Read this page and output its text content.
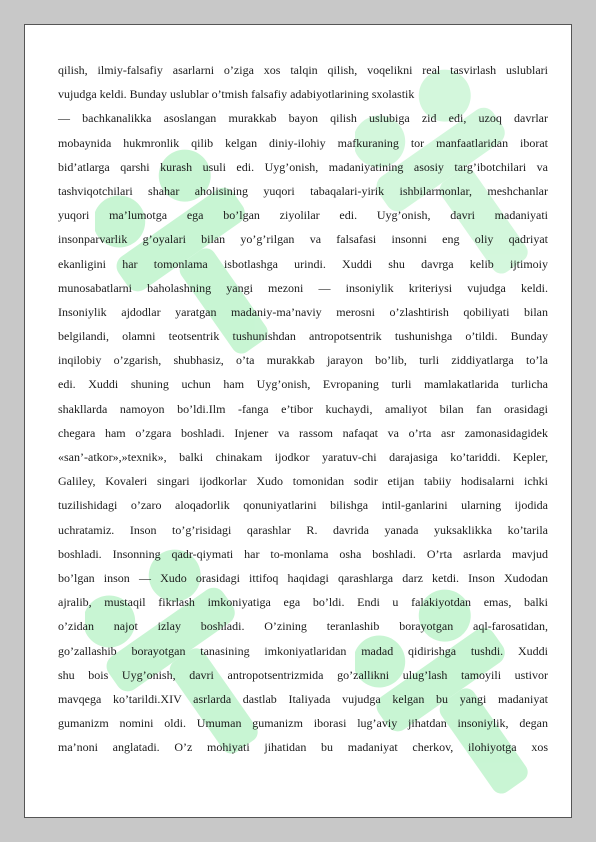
qilish, ilmiy-falsafiy asarlarni o’ziga xos talqin qilish, voqelikni real tasvirlash uslublari
vujudga keldi. Bunday uslublar o’tmish falsafiy adabiyotlarining sxolastik
— bachkanalikka asoslangan murakkab bayon qilish uslubiga zid edi, uzoq davrlar
mobaynida hukmronlik qilib kelgan diniy-ilohiy mafkuraning tor manfaatlaridan iborat
bid’atlarga qarshi kurash usuli edi. Uyg’onish, madaniyatining asosiy targ’ibotchilari va
tashviqotchilari shahar aholisining yuqori tabaqalari-yirik ishbilarmonlar, meshchanlar
yuqori ma’lumotga ega bo’lgan ziyolilar edi. Uyg’onish, davri madaniyati
insonparvarlik g’oyalari bilan yo’g’rilgan va falsafasi insonni eng oliy qadriyat
ekanligini har tomonlama isbotlashga urindi. Xuddi shu davrga kelib ijtimoiy
munosabatlarni baholashning yangi mezoni — insoniylik kriteriysi vujudga keldi.
Insoniylik ajdodlar yaratgan madaniy-ma’naviy merosni o’zlashtirish qobiliyati bilan
belgilandi, olamni teotsentrik tushunishdan antropotsentrik tushunishga o’tildi. Bunday
inqilobiy o’zgarish, shubhasiz, o’ta murakkab jarayon bo’lib, turli ziddiyatlarga to’la
edi. Xuddi shuning uchun ham Uyg’onish, Evropaning turli mamlakatlarida turlicha
shakllarda namoyon bo’ldi.Ilm -fanga e’tibor kuchaydi, amaliyot bilan fan orasidagi
chegara ham o’zgara boshladi. Injener va rassom nafaqat va o’rta asr zamonasidagidek
«san’-atkor»,»texnik», balki chinakam ijodkor yaratuv-chi darajasiga ko’tariddi. Kepler,
Galiley, Kovaleri singari ijodkorlar Xudo tomonidan sodir etijan tabiiy hodisalarni ichki
tuzilishidagi o’zaro aloqadorlik qonuniyatlarini bilishga intil-ganlarini ularning ijodida
uchratamiz. Inson to’g’risidagi qarashlar R. davrida yanada yuksaklikka ko’tarila
boshladi. Insonning qadr-qiymati har to-monlama osha boshladi. O’rta asrlarda mavjud
bo’lgan inson — Xudo orasidagi ittifoq haqidagi qarashlarga darz ketdi. Inson Xudodan
ajralib, mustaqil fikrlash imkoniyatiga ega bo’ldi. Endi u falakiyotdan emas, balki
o’zidan najot izlay boshladi. O’zining teranlashib borayotgan aql-farosatidan,
go’zallashib borayotgan tanasining imkoniyatlaridan madad qidirishga tushdi. Xuddi
shu bois Uyg’onish, davri antropotsentrizmida go’zallikni ulug’lash tamoyili ustivor
mavqega ko’tarildi.XIV asrlarda dastlab Italiyada vujudga kelgan bu yangi madaniyat
gumanizm nomini oldi. Umuman gumanizm iborasi lug’aviy jihatdan insoniylik, degan
ma’noni anglatadi. O’z mohiyati jihatidan bu madaniyat cherkov, ilohiyotga xos
